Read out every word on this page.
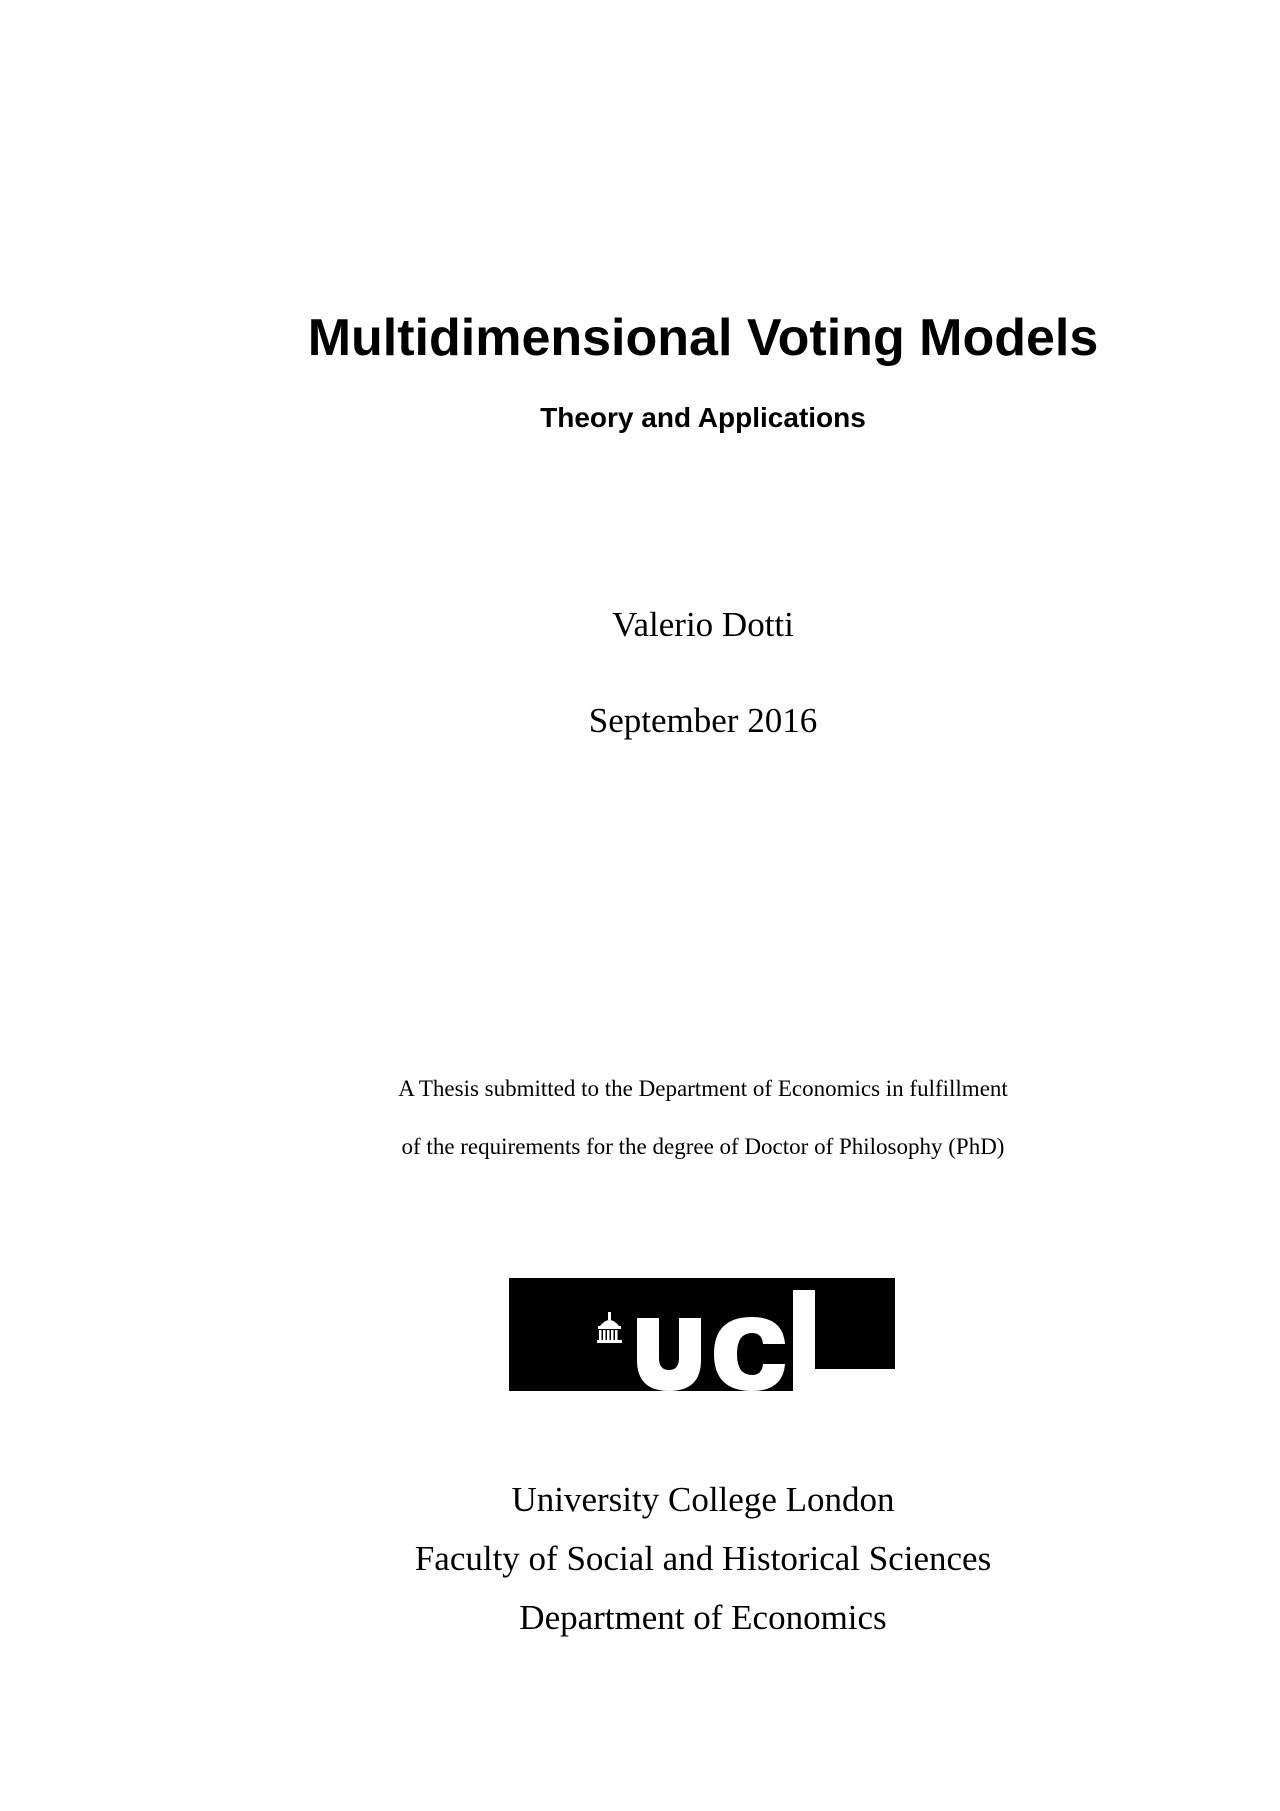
Multidimensional Voting Models
Theory and Applications

Valerio Dotti

September 2016

A Thesis submitted to the Department of Economics in fulfillment

of the requirements for the degree of Doctor of Philosophy (PhD)

University College London

Faculty of Social and Historical Sciences

Department of Economics
